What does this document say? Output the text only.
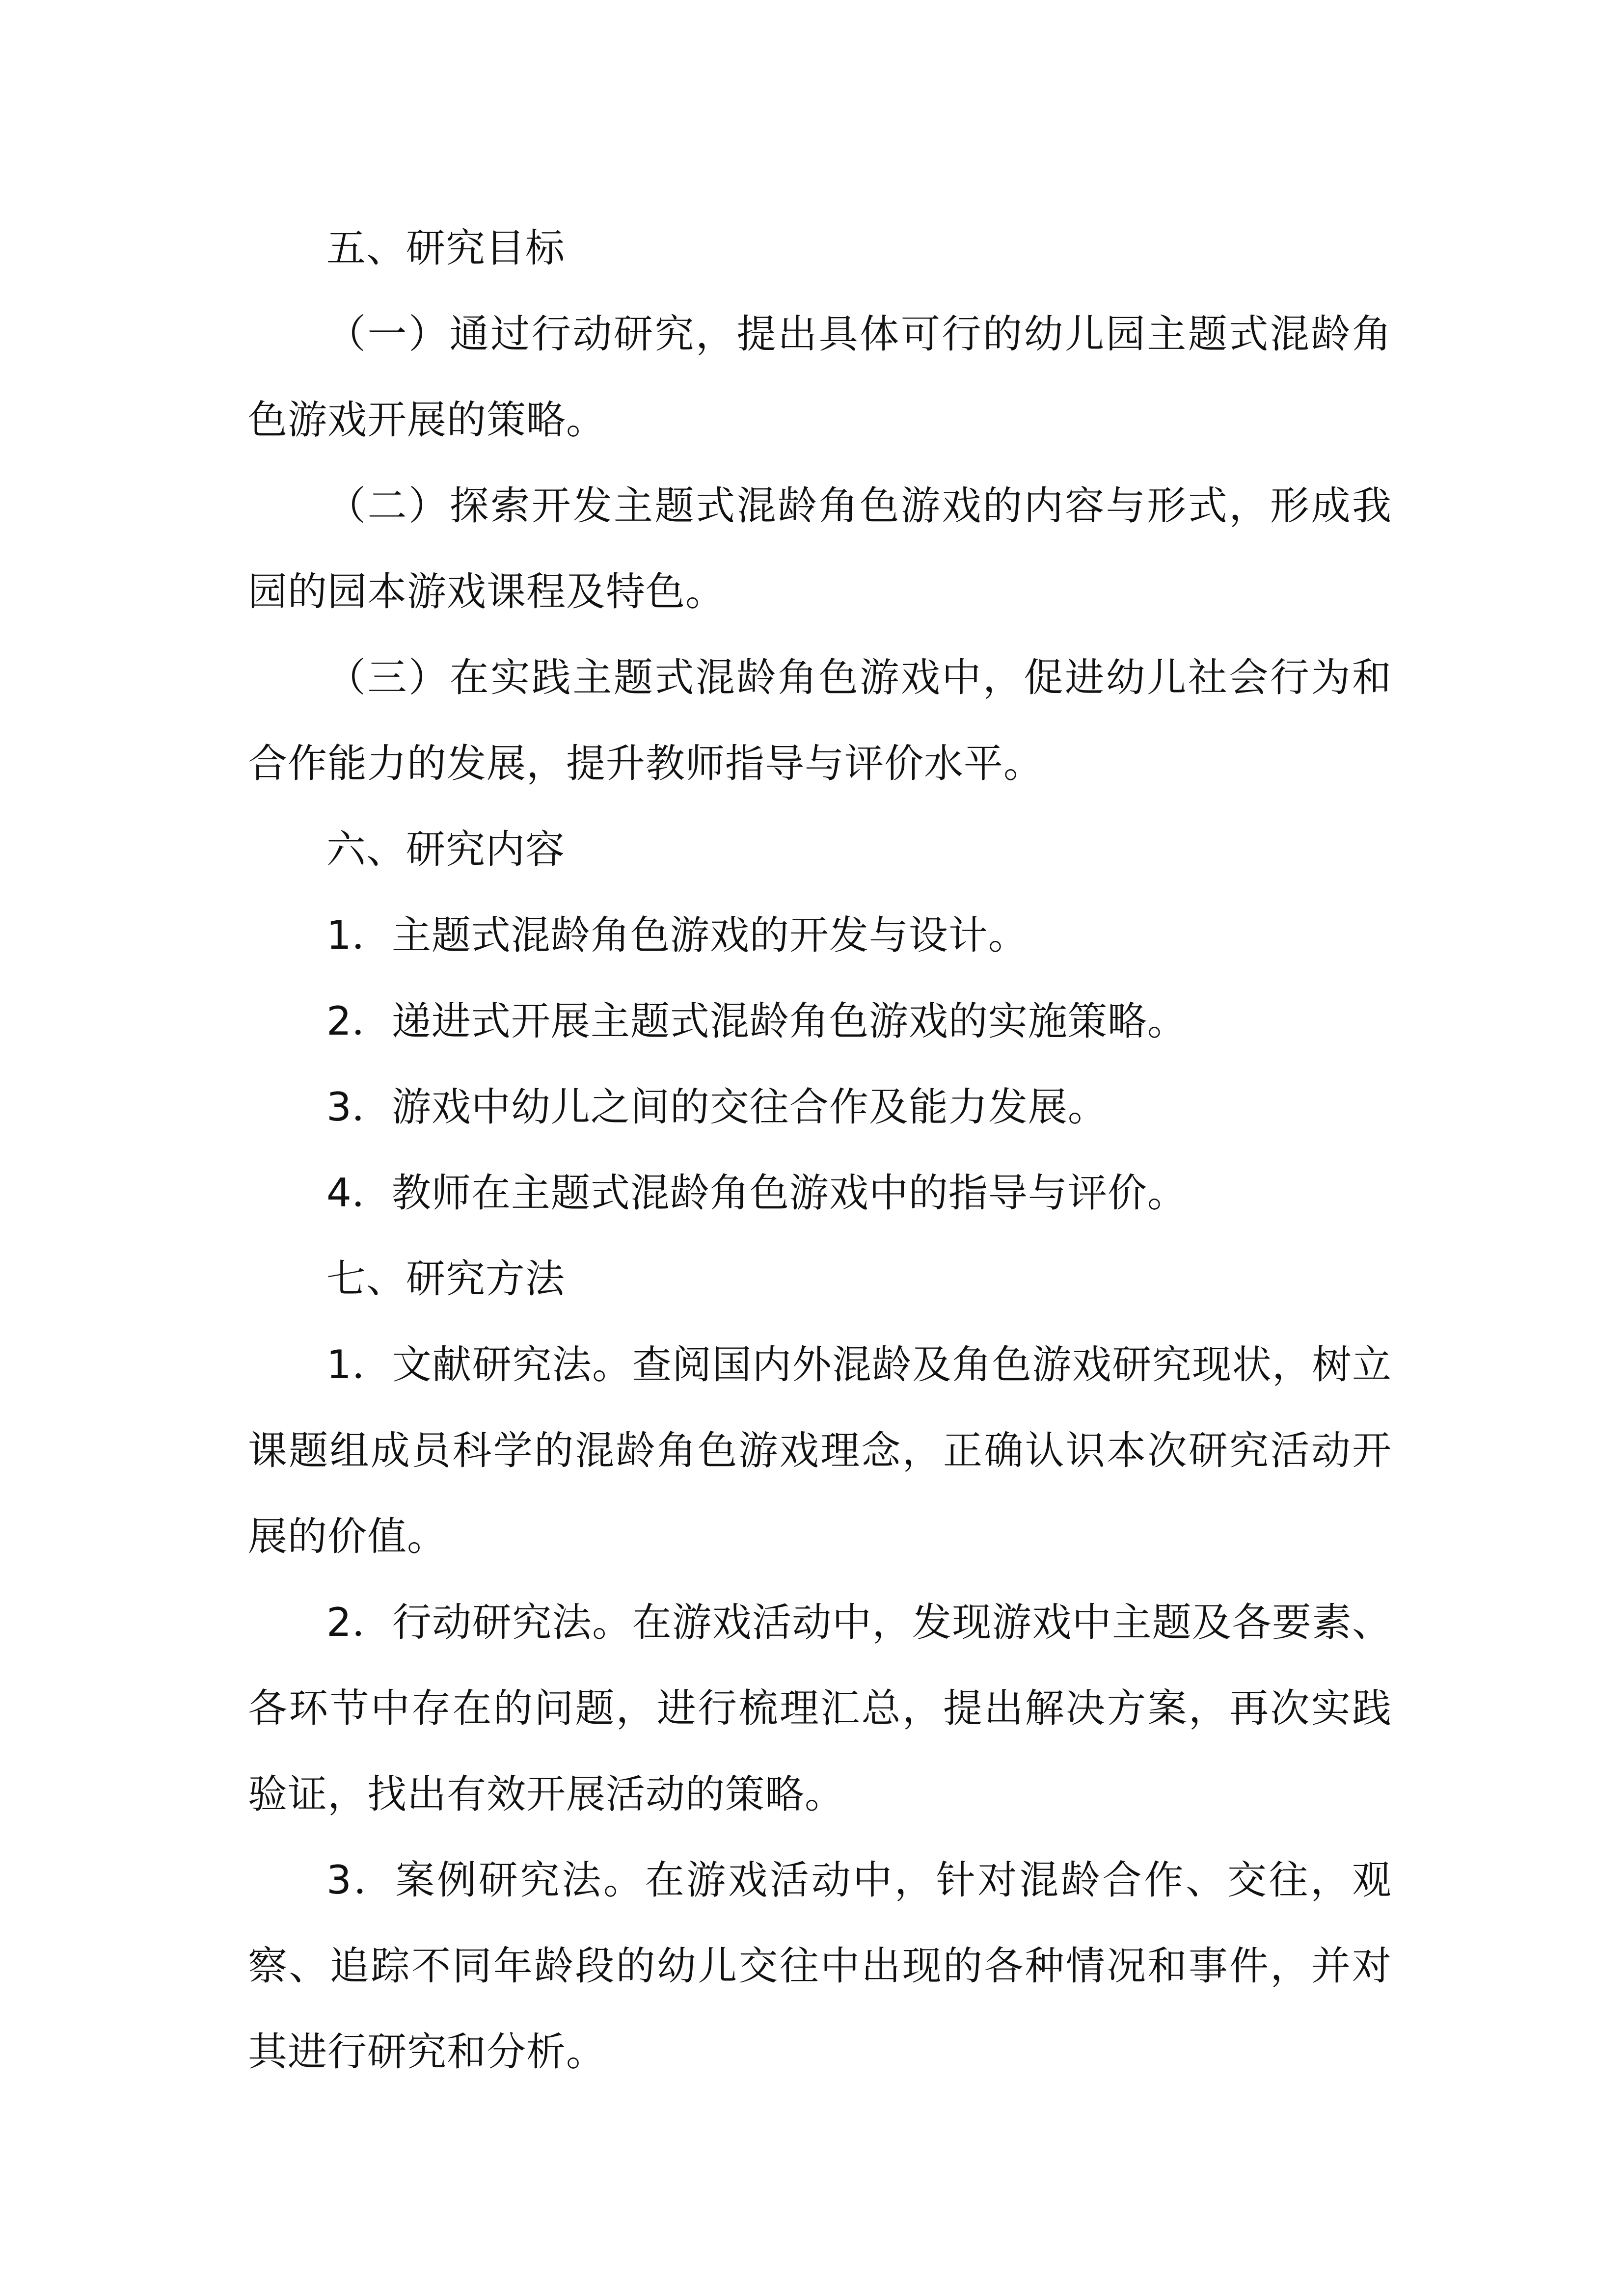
五、研究目标

（一）通过行动研究，提出具体可行的幼儿园主题式混龄角色游戏开展的策略。

（二）探索开发主题式混龄角色游戏的内容与形式，形成我园的园本游戏课程及特色。

（三）在实践主题式混龄角色游戏中，促进幼儿社会行为和合作能力的发展，提升教师指导与评价水平。

六、研究内容

1．主题式混龄角色游戏的开发与设计。

2．递进式开展主题式混龄角色游戏的实施策略。

3．游戏中幼儿之间的交往合作及能力发展。

4．教师在主题式混龄角色游戏中的指导与评价。

七、研究方法

1．文献研究法。查阅国内外混龄及角色游戏研究现状，树立课题组成员科学的混龄角色游戏理念，正确认识本次研究活动开展的价值。

2．行动研究法。在游戏活动中，发现游戏中主题及各要素、各环节中存在的问题，进行梳理汇总，提出解决方案，再次实践验证，找出有效开展活动的策略。

3．案例研究法。在游戏活动中，针对混龄合作、交往，观察、追踪不同年龄段的幼儿交往中出现的各种情况和事件，并对其进行研究和分析。
